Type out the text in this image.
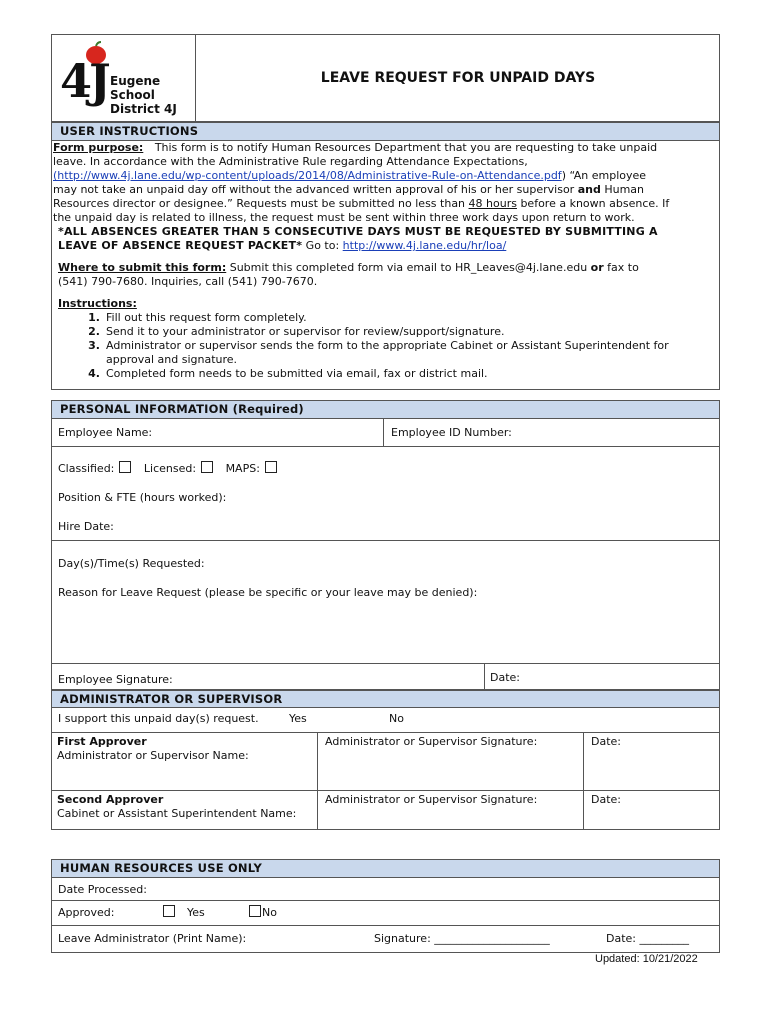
4J Eugene
School
District 4J
LEAVE REQUEST FOR UNPAID DAYS
USER INSTRUCTIONS
Form purpose: This form is to notify Human Resources Department that you are requesting to take unpaid
leave. In accordance with the Administrative Rule regarding Attendance Expectations,
(http://www.4j.lane.edu/wp-content/uploads/2014/08/Administrative-Rule-on-Attendance.pdf) “An employee
may not take an unpaid day off without the advanced written approval of his or her supervisor and Human
Resources director or designee.” Requests must be submitted no less than 48 hours before a known absence. If
the unpaid day is related to illness, the request must be sent within three work days upon return to work.
*ALL ABSENCES GREATER THAN 5 CONSECUTIVE DAYS MUST BE REQUESTED BY SUBMITTING A
LEAVE OF ABSENCE REQUEST PACKET* Go to: http://www.4j.lane.edu/hr/loa/
Where to submit this form: Submit this completed form via email to HR_Leaves@4j.lane.edu or fax to
(541) 790-7680. Inquiries, call (541) 790-7670.
Instructions:
1. Fill out this request form completely.
2. Send it to your administrator or supervisor for review/support/signature.
3. Administrator or supervisor sends the form to the appropriate Cabinet or Assistant Superintendent for
approval and signature.
4. Completed form needs to be submitted via email, fax or district mail.
PERSONAL INFORMATION (Required)
Employee Name:	Employee ID Number:
Classified:	Licensed:	MAPS:
Position & FTE (hours worked):
Hire Date:
Day(s)/Time(s) Requested:
Reason for Leave Request (please be specific or your leave may be denied):
Employee Signature:	Date:
ADMINISTRATOR OR SUPERVISOR
I support this unpaid day(s) request.	Yes	No
First Approver
Administrator or Supervisor Name:
Administrator or Supervisor Signature:	Date:
Second Approver
Cabinet or Assistant Superintendent Name:
Administrator or Supervisor Signature:	Date:
HUMAN RESOURCES USE ONLY
Date Processed:
Approved:	Yes	No
Leave Administrator (Print Name):	Signature: _____________________	Date: _________
Updated: 10/21/2022
